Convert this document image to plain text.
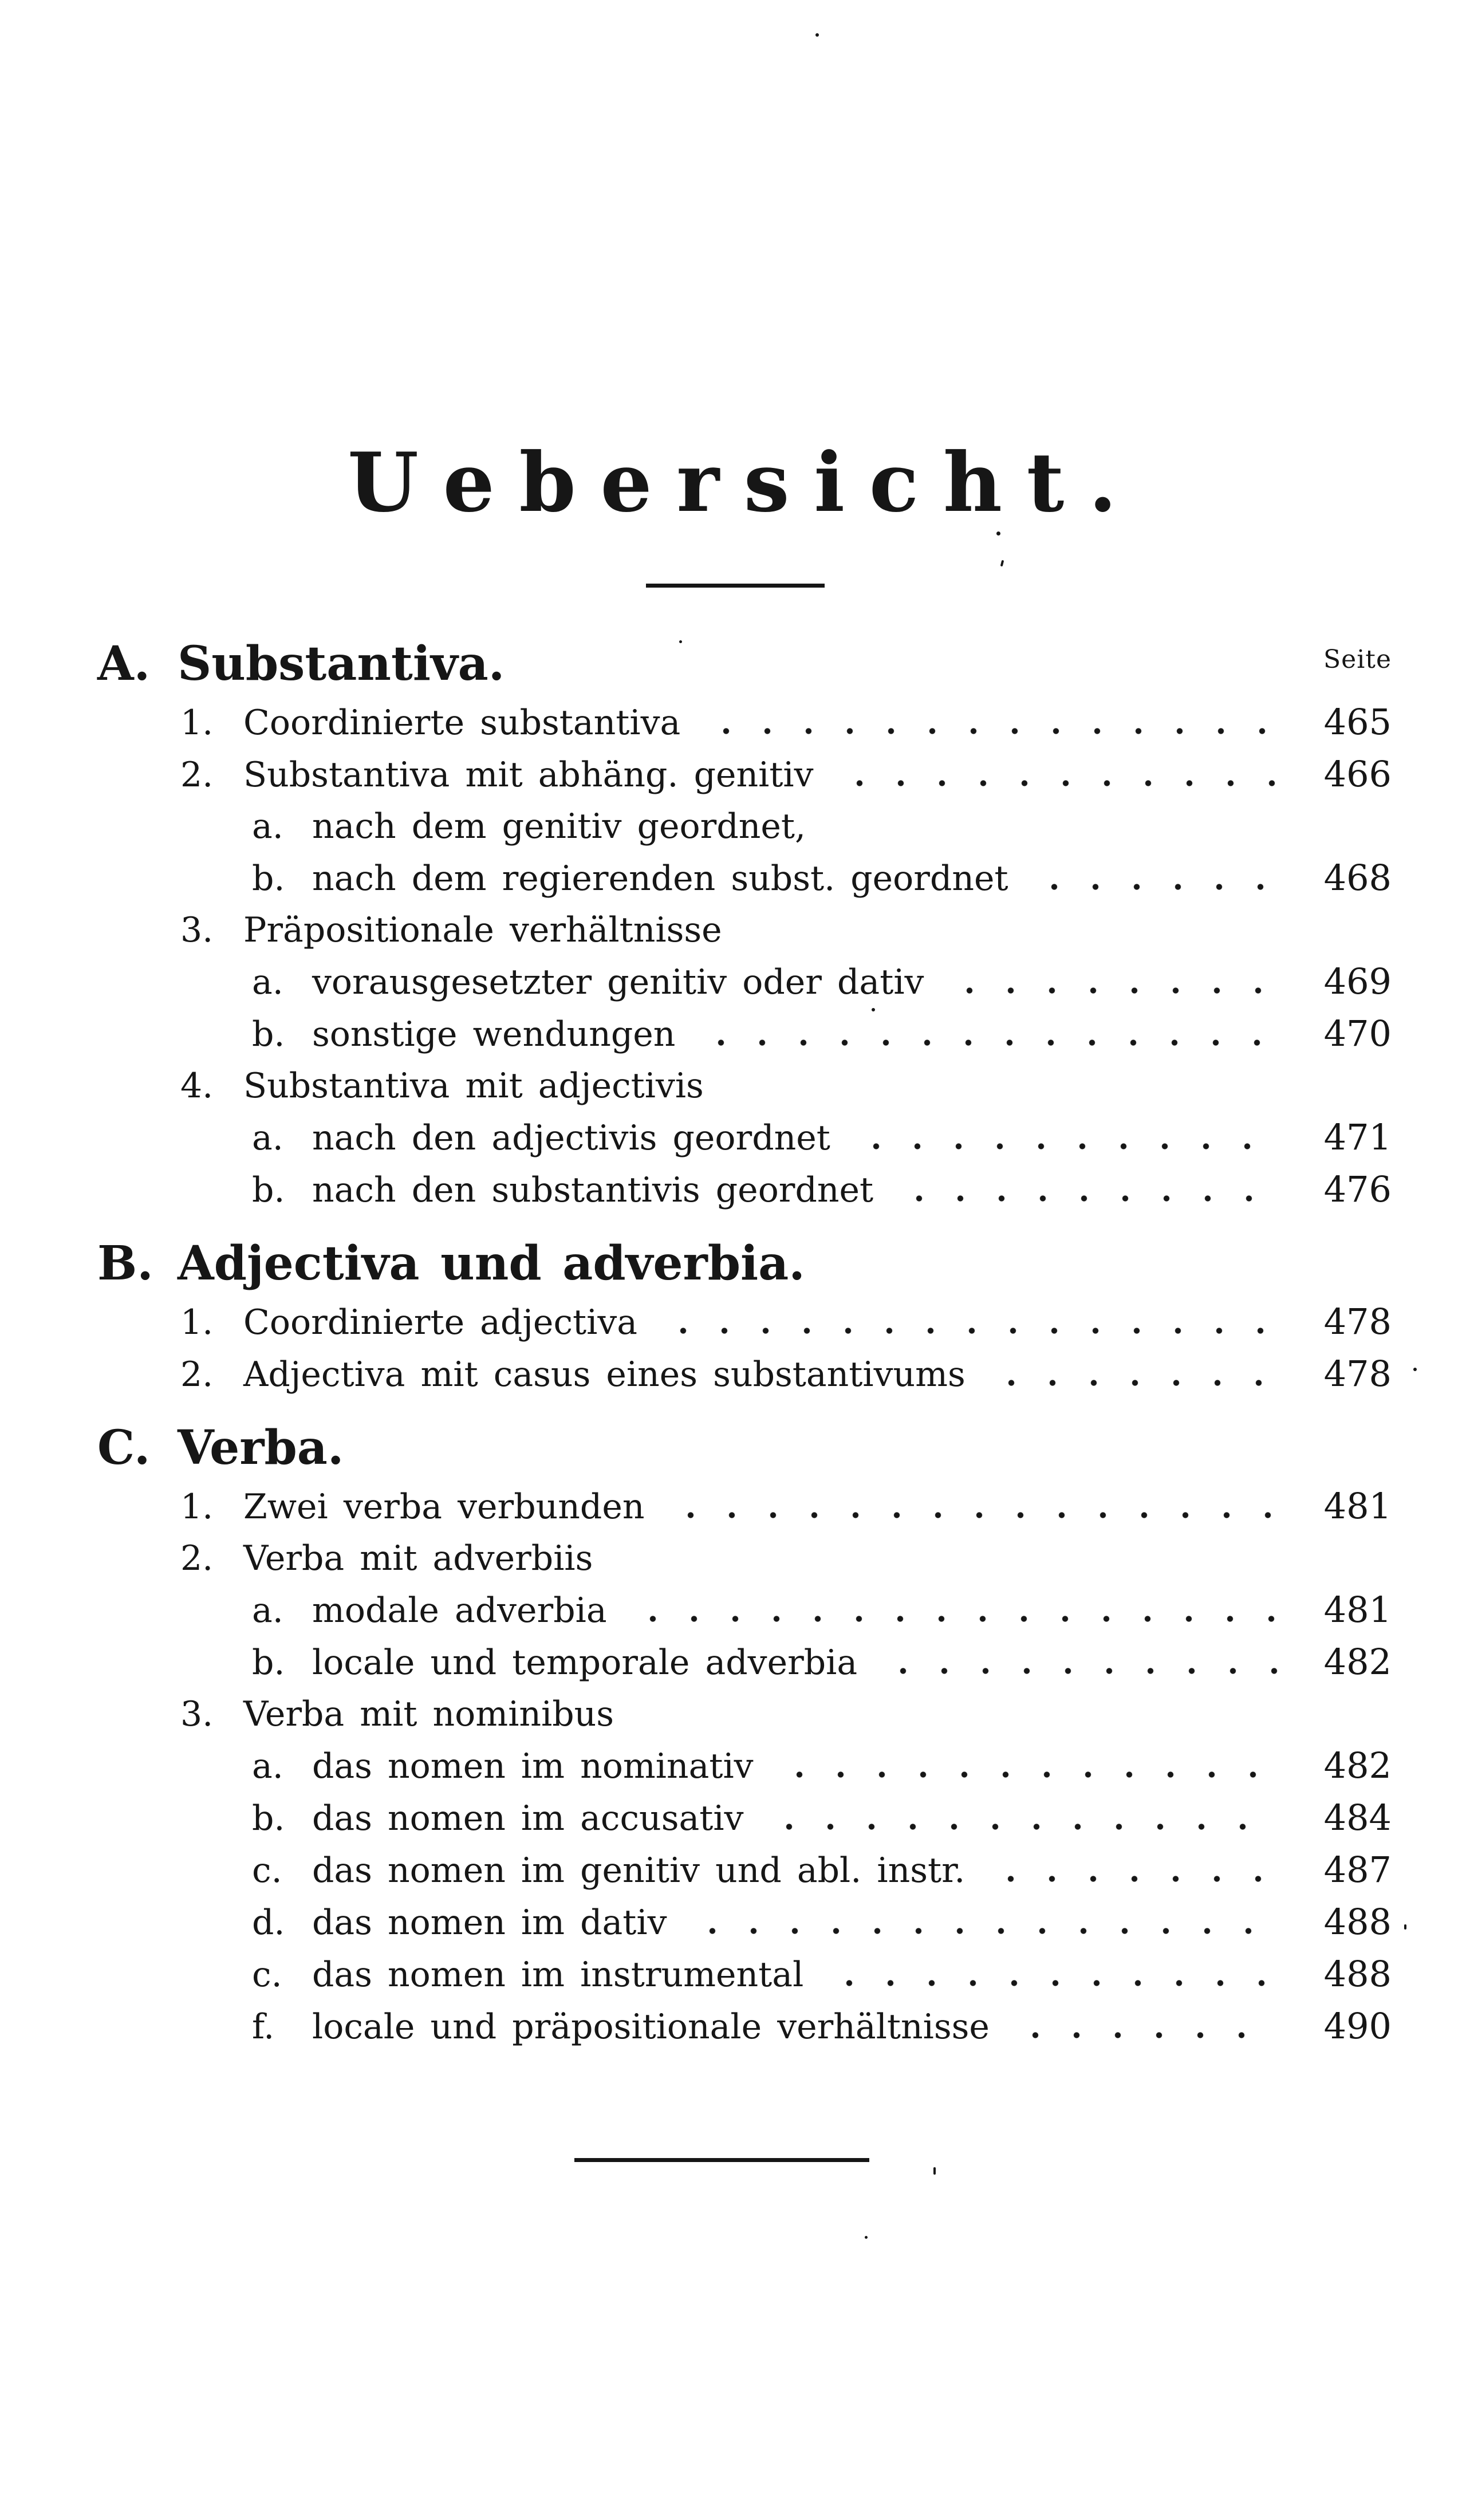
Uebersicht.
Seite
A. Substantiva.
1. Coordinierte substantiva	465
2. Substantiva mit abhäng. genitiv	466
a. nach dem genitiv geordnet,
b. nach dem regierenden subst. geordnet	468
3. Präpositionale verhältnisse
a. vorausgesetzter genitiv oder dativ	469
b. sonstige wendungen	470
4. Substantiva mit adjectivis
a. nach den adjectivis geordnet	471
b. nach den substantivis geordnet	476
B. Adjectiva und adverbia.
1. Coordinierte adjectiva	478
2. Adjectiva mit casus eines substantivums	478
C. Verba.
1. Zwei verba verbunden	481
2. Verba mit adverbiis
a. modale adverbia	481
b. locale und temporale adverbia	482
3. Verba mit nominibus
a. das nomen im nominativ	482
b. das nomen im accusativ	484
c. das nomen im genitiv und abl. instr.	487
d. das nomen im dativ	488
c. das nomen im instrumental	488
f.	locale und präpositionale verhältnisse	490
